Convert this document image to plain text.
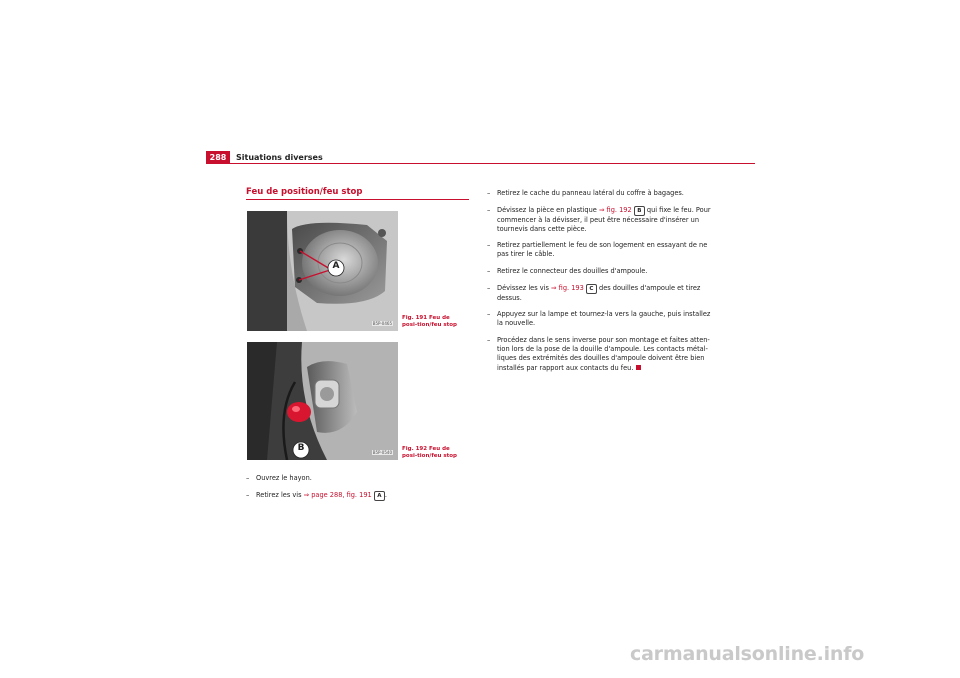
288	Situations diverses
Feu de position/feu stop
A
B5P-0465
Fig. 191 Feu de posi-tion/feu stop
B	B5P-0540
Fig. 192 Feu de posi-tion/feu stop
–	Ouvrez le hayon.
–	Retirez les vis ⇒ page 288, fig. 191 A .
–	Retirez le cache du panneau latéral du coffre à bagages.
–	Dévissez la pièce en plastique ⇒ fig. 192 B qui fixe le feu. Pour commencer à la dévisser, il peut être nécessaire d'insérer un tournevis dans cette pièce.
–	Retirez partiellement le feu de son logement en essayant de ne pas tirer le câble.
–	Retirez le connecteur des douilles d'ampoule.
–	Dévissez les vis ⇒ fig. 193 C des douilles d'ampoule et tirez dessus.
–	Appuyez sur la lampe et tournez-la vers la gauche, puis installez la nouvelle.
–	Procédez dans le sens inverse pour son montage et faites atten-tion lors de la pose de la douille d'ampoule. Les contacts métal-liques des extrémités des douilles d'ampoule doivent être bien installés par rapport aux contacts du feu.
carmanualsonline.info
